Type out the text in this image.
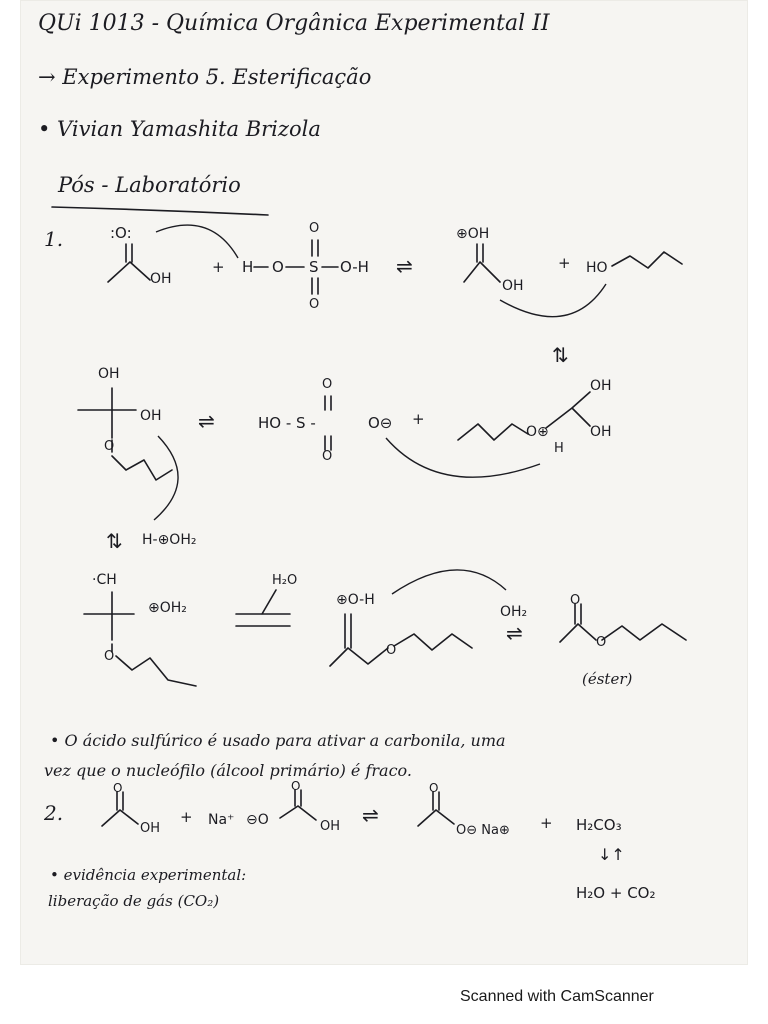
QUi 1013 - Química Orgânica Experimental II
→ Experimento 5. Esterificação
• Vivian Yamashita Brizola
Pós - Laboratório
1.	:O:
OH
+ H O S
O
O
O-H ⇌
⊕OH
OH
+ HO
⇅
OH
OH
O
⇌	HO - S -
O
O
O⊖ +
O⊕
H
OH
OH
⇅ H-⊕OH₂
·CH
⊕OH₂
O
H₂O
⊕O-H
O
OH₂
⇌
O
O
(éster)
• O ácido sulfúrico é usado para ativar a carbonila, uma
vez que o nucleófilo (álcool primário) é fraco.
2.
O
OH
+ Na⁺ ⊖O
O
OH ⇌
O
O⊖ Na⊕ + H₂CO₃
↓↑
H₂O + CO₂
• evidência experimental:
liberação de gás (CO₂)
Scanned with CamScanner
